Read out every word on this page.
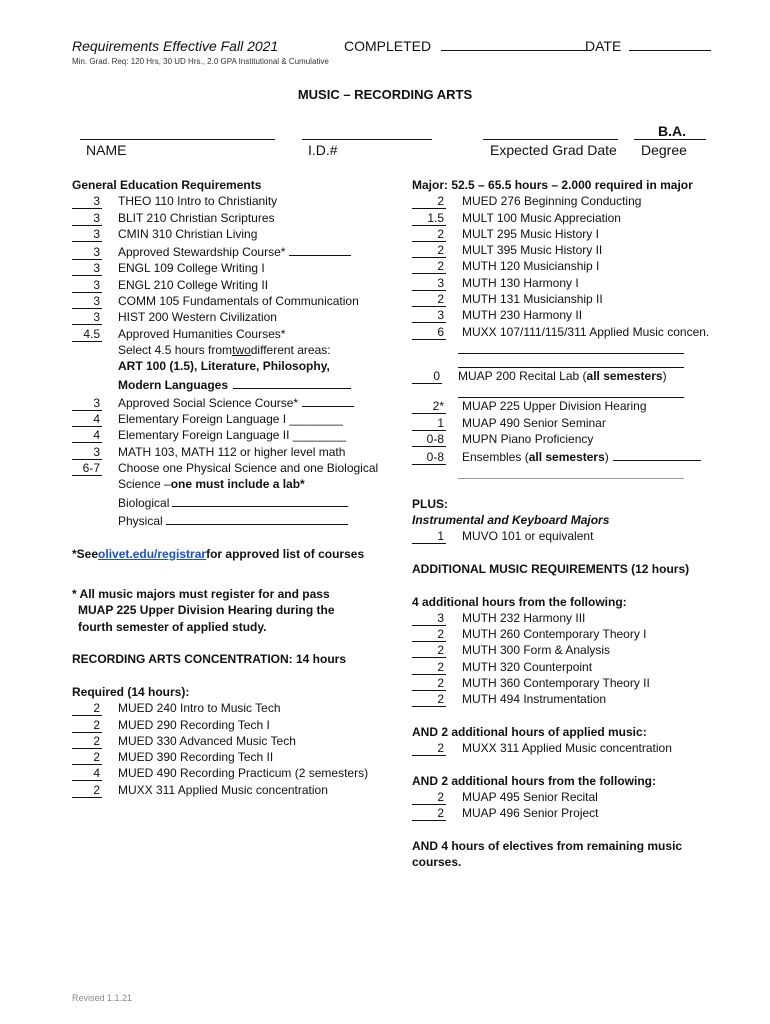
Requirements Effective Fall 2021	COMPLETED	DATE
Min. Grad. Req: 120 Hrs, 30 UD Hrs., 2.0 GPA Institutional & Cumulative
MUSIC – RECORDING ARTS
NAME	I.D.#	Expected Grad Date
B.A.
Degree
General Education Requirements
3 THEO 110 Intro to Christianity
3 BLIT 210 Christian Scriptures
3 CMIN 310 Christian Living
3 Approved Stewardship Course*
3 ENGL 109 College Writing I
3 ENGL 210 College Writing II
3 COMM 105 Fundamentals of Communication
3 HIST 200 Western Civilization
4.5 Approved Humanities Courses*
Select 4.5 hours from two different areas:
ART 100 (1.5), Literature, Philosophy,
Modern Languages
3 Approved Social Science Course*
4 Elementary Foreign Language I ________
4 Elementary Foreign Language II ________
3 MATH 103, MATH 112 or higher level math
6-7 Choose one Physical Science and one Biological
Science – one must include a lab*
Biological
Physical
*See olivet.edu/registrar for approved list of courses
* All music majors must register for and pass
MUAP 225 Upper Division Hearing during the
fourth semester of applied study.
RECORDING ARTS CONCENTRATION: 14 hours
Required (14 hours):
2 MUED 240 Intro to Music Tech
2 MUED 290 Recording Tech I
2 MUED 330 Advanced Music Tech
2 MUED 390 Recording Tech II
4 MUED 490 Recording Practicum (2 semesters)
2 MUXX 311 Applied Music concentration
Major: 52.5 – 65.5 hours – 2.000 required in major
2 MUED 276 Beginning Conducting
1.5 MULT 100 Music Appreciation
2 MULT 295 Music History I
2 MULT 395 Music History II
2 MUTH 120 Musicianship I
3 MUTH 130 Harmony I
2 MUTH 131 Musicianship II
3 MUTH 230 Harmony II
6 MUXX 107/111/115/311 Applied Music concen.
0 MUAP 200 Recital Lab (all semesters)
2* MUAP 225 Upper Division Hearing
1 MUAP 490 Senior Seminar
0-8 MUPN Piano Proficiency
0-8 Ensembles (all semesters)
PLUS:
Instrumental and Keyboard Majors
1 MUVO 101 or equivalent
ADDITIONAL MUSIC REQUIREMENTS (12 hours)
4 additional hours from the following:
3 MUTH 232 Harmony III
2 MUTH 260 Contemporary Theory I
2 MUTH 300 Form & Analysis
2 MUTH 320 Counterpoint
2 MUTH 360 Contemporary Theory II
2 MUTH 494 Instrumentation
AND 2 additional hours of applied music:
2 MUXX 311 Applied Music concentration
AND 2 additional hours from the following:
2 MUAP 495 Senior Recital
2 MUAP 496 Senior Project
AND 4 hours of electives from remaining music
courses.
Revised 1.1.21
